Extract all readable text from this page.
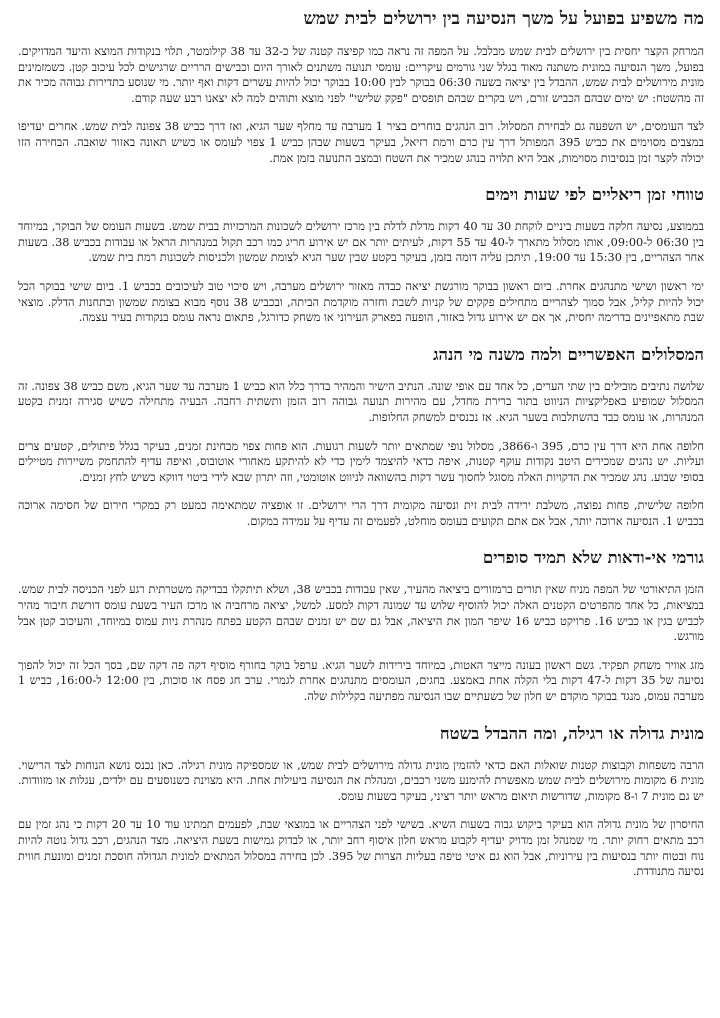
מה משפיע בפועל על משך הנסיעה בין ירושלים לבית שמש

המרחק הקצר יחסית בין ירושלים לבית שמש מבלבל. על המפה זה נראה כמו קפיצה קטנה של כ-32 עד 38 קילומטר, תלוי בנקודות המוצא והיעד המדויקים. בפועל, משך הנסיעה במונית משתנה מאוד בגלל שני גורמים עיקריים: עומסי תנועה משתנים לאורך היום וכבישים הרריים שרגישים לכל עיכוב קטן. כשמזמינים מונית מירושלים לבית שמש, ההבדל בין יציאה בשעה 06:30 בבוקר לבין 10:00 בבוקר יכול להיות עשרים דקות ואף יותר. מי שנוסע בתדירות גבוהה מכיר את זה מהשטח: יש ימים שבהם הכביש זורם, ויש בקרים שבהם תופסים "פקק שלישי" לפני מוצא ותוהים למה לא יצאנו רבע שעה קודם.

לצד העומסים, יש השפעה גם לבחירת המסלול. רוב הנהגים בוחרים בציר 1 מערבה עד מחלף שער הגיא, ואז דרך כביש 38 צפונה לבית שמש. אחרים יעדיפו במצבים מסוימים את כביש 395 המפותל דרך עין כרם ורמת רזיאל, בעיקר בשעות שבהן כביש 1 צפוי לעומס או כשיש תאונה באזור שואבה. הבחירה הזו יכולה לקצר זמן בנסיבות מסוימות, אבל היא תלויה בנהג שמכיר את השטח ובמצב התנועה בזמן אמת.

טווחי זמן ריאליים לפי שעות וימים

בממוצע, נסיעה חלקה בשעות ביניים לוקחת 30 עד 40 דקות מדלת לדלת בין מרכז ירושלים לשכונות המרכזיות בבית שמש. בשעות העומס של הבוקר, במיוחד בין 06:30 ל-09:00, אותו מסלול מתארך ל-40 עד 55 דקות, לעיתים יותר אם יש אירוע חריג כמו רכב תקול במנהרות הראל או עבודות בכביש 38. בשעות אחר הצהריים, בין 15:30 עד 19:00, תיתכן עליה דומה בזמן, בעיקר בקטע שבין שער הגיא לצומת שמשון ולכניסות לשכונות רמת בית שמש.

ימי ראשון ושישי מתנהגים אחרת. ביום ראשון בבוקר מורגשת יציאה כבדה מאזור ירושלים מערבה, ויש סיכוי טוב לעיכובים בכביש 1. ביום שישי בבוקר הכל יכול להיות קליל, אבל סמוך לצהריים מתחילים פקקים של קניות לשבת וחזרה מוקדמת הביתה, ובכביש 38 נוסף מבוא בצומת שמשון ובתחנות הדלק. מוצאי שבת מתאפיינים בדרימה יחסית, אך אם יש אירוע גדול באזור, הופעה בפארק העירוני או משחק כדורגל, פתאום נראה עומס בנקודות בעיר עצמה.

המסלולים האפשריים ולמה משנה מי הנהג

שלושה נתיבים מובילים בין שתי הערים, כל אחד עם אופי שונה. הנתיב הישיר והמהיר בדרך כלל הוא כביש 1 מערבה עד שער הגיא, משם כביש 38 צפונה. זה המסלול שמופיע באפליקציות הניווט בתור ברירת מחדל, עם מהירות תנועה גבוהה רוב הזמן ותשתית רחבה. הבעיה מתחילה כשיש סגירה זמנית בקטע המנהרות, או עומס כבד בהשתלבות בשער הגיא. אז נכנסים למשחק החלופות.

חלופה אחת היא דרך עין כרם, 395 ו-3866, מסלול נופי שמתאים יותר לשעות רגועות. הוא פחות צפוי מבחינת זמנים, בעיקר בגלל פיתולים, קטעים צרים ועליות. יש נהגים שמכירים היטב נקודות עוקף קטנות, איפה כדאי להיצמד לימין כדי לא להיתקע מאחורי אוטובוס, ואיפה עדיף להתחמק משיירות מטיילים בסופי שבוע. נהג שמכיר את הדקויות האלה מסוגל לחסוך עשר דקות בהשוואה לניווט אוטומטי, וזה יתרון שבא לידי ביטוי דווקא כשיש לחץ זמנים.

חלופה שלישית, פחות נפוצה, משלבת ירידה לבית זית ונסיעה מקומית דרך הרי ירושלים. זו אופציה שמתאימה כמעט רק במקרי חירום של חסימה ארוכה בכביש 1. הנסיעה ארוכה יותר, אבל אם אתם תקועים בעומס מוחלט, לפעמים זה עדיף על עמידה במקום.

גורמי אי-ודאות שלא תמיד סופרים

הזמן התיאורטי של המפה מניח שאין תורים ברמזורים ביציאה מהעיר, שאין עבודות בכביש 38, ושלא תיתקלו בבדיקה משטרתית רגע לפני הכניסה לבית שמש. במציאות, כל אחד מהפרטים הקטנים האלה יכול להוסיף שלוש עד שמונה דקות למסע. למשל, יציאה מרחביה או מרכז העיר בשעת עומס דורשת חיבור מהיר לכביש בגין או כביש 16. פרויקט כביש 16 שיפר המון את היציאה, אבל גם שם יש זמנים שבהם הקטע בפתח מנהרת ניות עמוס במיוחד, והעיכוב קטן אבל מורגש.

מזג אוויר משחק תפקיד. גשם ראשון בעונה מייצר האטות, במיוחד בירידות לשער הגיא. ערפל בוקר בחורף מוסיף דקה פה דקה שם, בסך הכל זה יכול להפוך נסיעה של 35 דקות ל-47 דקות בלי הקלה אחת באמצע. בחגים, העומסים מתנהגים אחרת לגמרי. ערב חג פסח או סוכות, בין 12:00 ל-16:00, כביש 1 מערבה עמוס, מנגד בבוקר מוקדם יש חלון של כשעתיים שבו הנסיעה מפתיעה בקלילות שלה.

מונית גדולה או רגילה, ומה ההבדל בשטח

הרבה משפחות וקבוצות קטנות שואלות האם כדאי להזמין מונית גדולה מירושלים לבית שמש, או שמספיקה מונית רגילה. כאן נכנס נושא הנוחות לצד הרישוי. מונית 6 מקומות מירושלים לבית שמש מאפשרת להימנע משני רכבים, ומנהלת את הנסיעה ביעילות אחת. היא מצוינת כשנוסעים עם ילדים, עגלות או מזוודות. יש גם מונית 7 ו-8 מקומות, שדורשות תיאום מראש יותר רציני, בעיקר בשעות עומס.

החיסרון של מונית גדולה הוא בעיקר ביקוש גבוה בשעות השיא. בשישי לפני הצהריים או במוצאי שבת, לפעמים תמתינו עוד 10 עד 20 דקות כי נהג זמין עם רכב מתאים רחוק יותר. מי שמנהל זמן מדויק יעדיף לקבוע מראש חלון איסוף רחב יותר, או לבדוק גמישות בשעת היציאה. מצד הנהגים, רכב גדול נוטה להיות נוח ובטוח יותר בנסיעות בין עירוניות, אבל הוא גם איטי טיפה בעליות הצרות של 395. לכן בחירה במסלול המתאים למונית הגדולה חוסכת זמנים ומונעת חווית נסיעה מתנודדת.
